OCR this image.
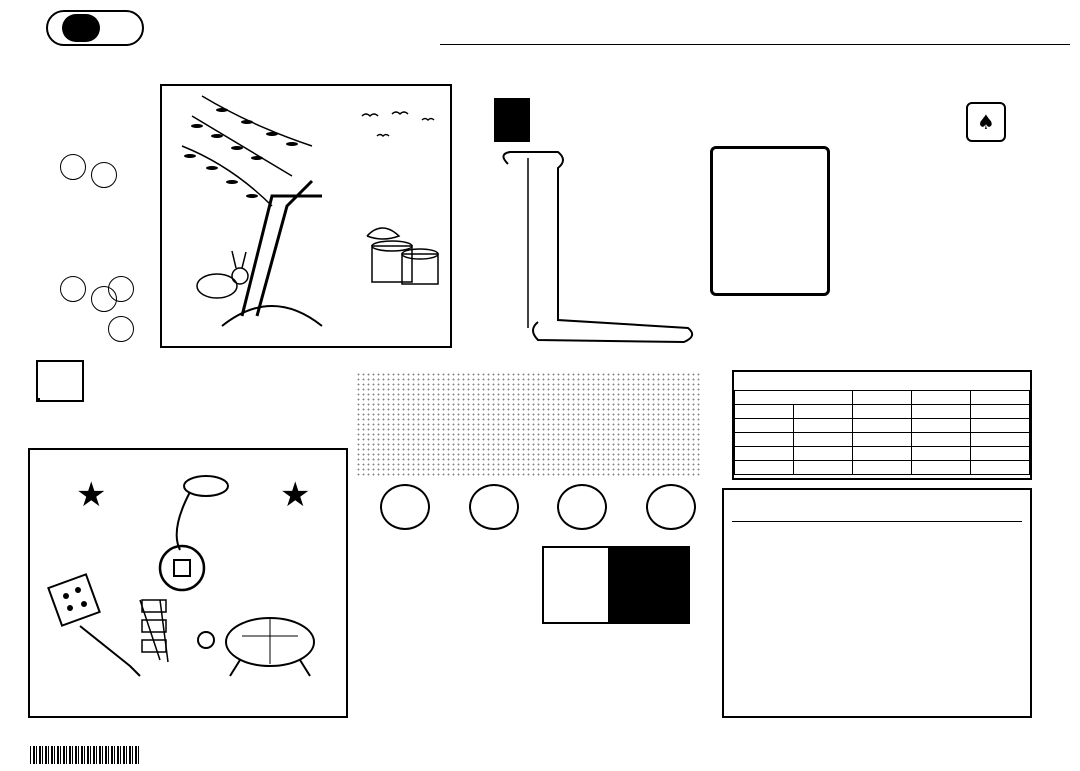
♠

★	★
